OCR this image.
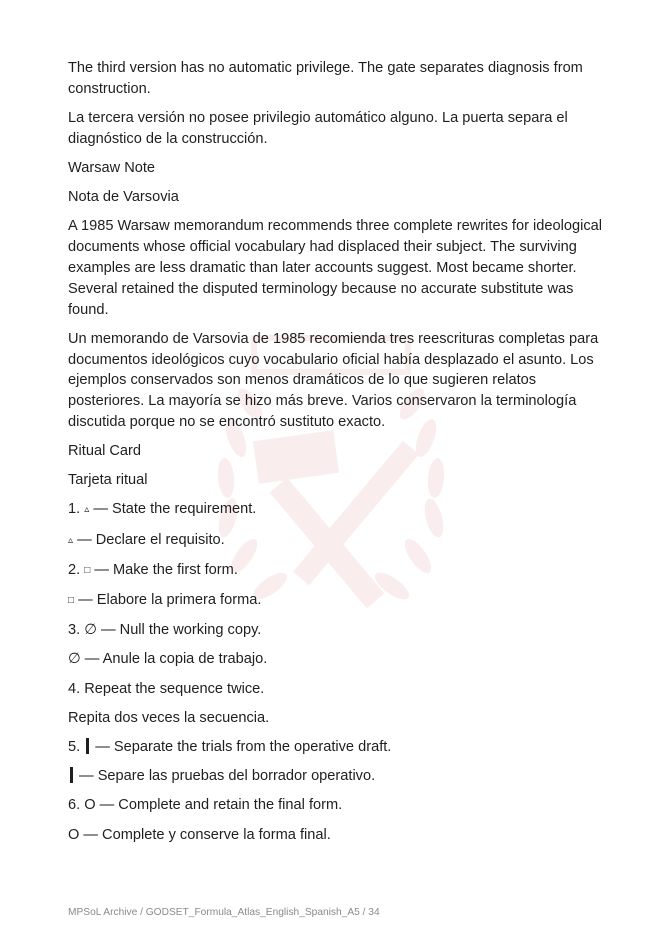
The third version has no automatic privilege. The gate separates diagnosis from construction.

La tercera versión no posee privilegio automático alguno. La puerta separa el diagnóstico de la construcción.

Warsaw Note

Nota de Varsovia

A 1985 Warsaw memorandum recommends three complete rewrites for ideological documents whose official vocabulary had displaced their subject. The surviving examples are less dramatic than later accounts suggest. Most became shorter. Several retained the disputed terminology because no accurate substitute was found.

Un memorando de Varsovia de 1985 recomienda tres reescrituras completas para documentos ideológicos cuyo vocabulario oficial había desplazado el asunto. Los ejemplos conservados son menos dramáticos de lo que sugieren relatos posteriores. La mayoría se hizo más breve. Varios conservaron la terminología discutida porque no se encontró sustituto exacto.

Ritual Card

Tarjeta ritual

1. ▵ — State the requirement.

▵ — Declare el requisito.

2. □ — Make the first form.

□ — Elabore la primera forma.

3. ∅ — Null the working copy.

∅ — Anule la copia de trabajo.

4. Repeat the sequence twice.

Repita dos veces la secuencia.

5.  — Separate the trials from the operative draft.

— Separe las pruebas del borrador operativo.

6. O — Complete and retain the final form.

O — Complete y conserve la forma final.

MPSoL Archive / GODSET_Formula_Atlas_English_Spanish_A5 / 34
